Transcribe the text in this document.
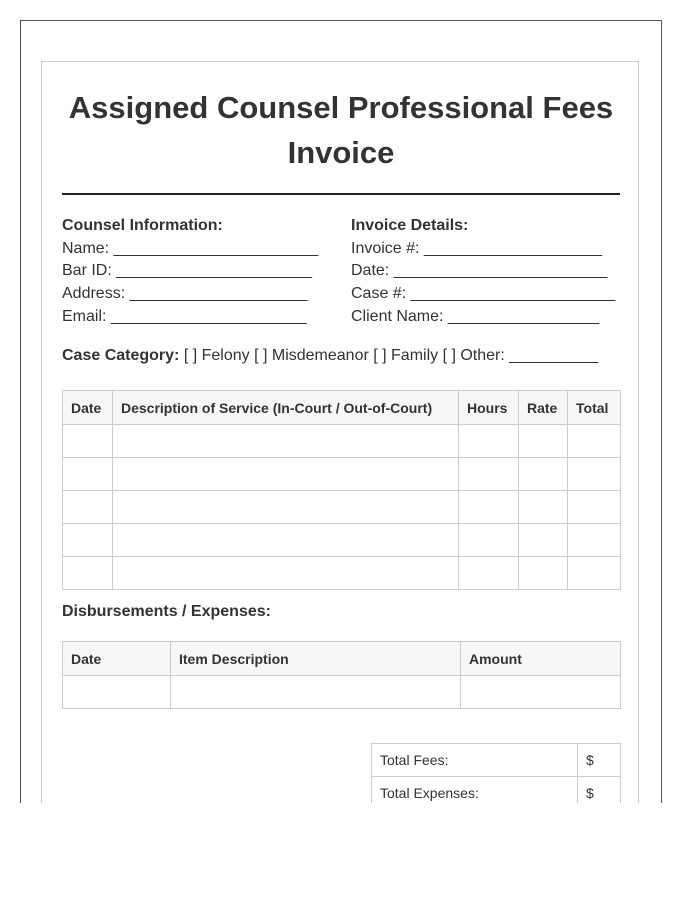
Assigned Counsel Professional Fees Invoice
Counsel Information:
Name: _______________________
Bar ID: ______________________
Address: ____________________
Email: ______________________
Invoice Details:
Invoice #: ____________________
Date: ________________________
Case #: _______________________
Client Name: _________________
Case Category: [ ] Felony [ ] Misdemeanor [ ] Family [ ] Other: __________
Date	Description of Service (In-Court / Out-of-Court)	Hours	Rate	Total

Disbursements / Expenses:
Date	Item Description	Amount

Total Fees:	$
Total Expenses:	$
